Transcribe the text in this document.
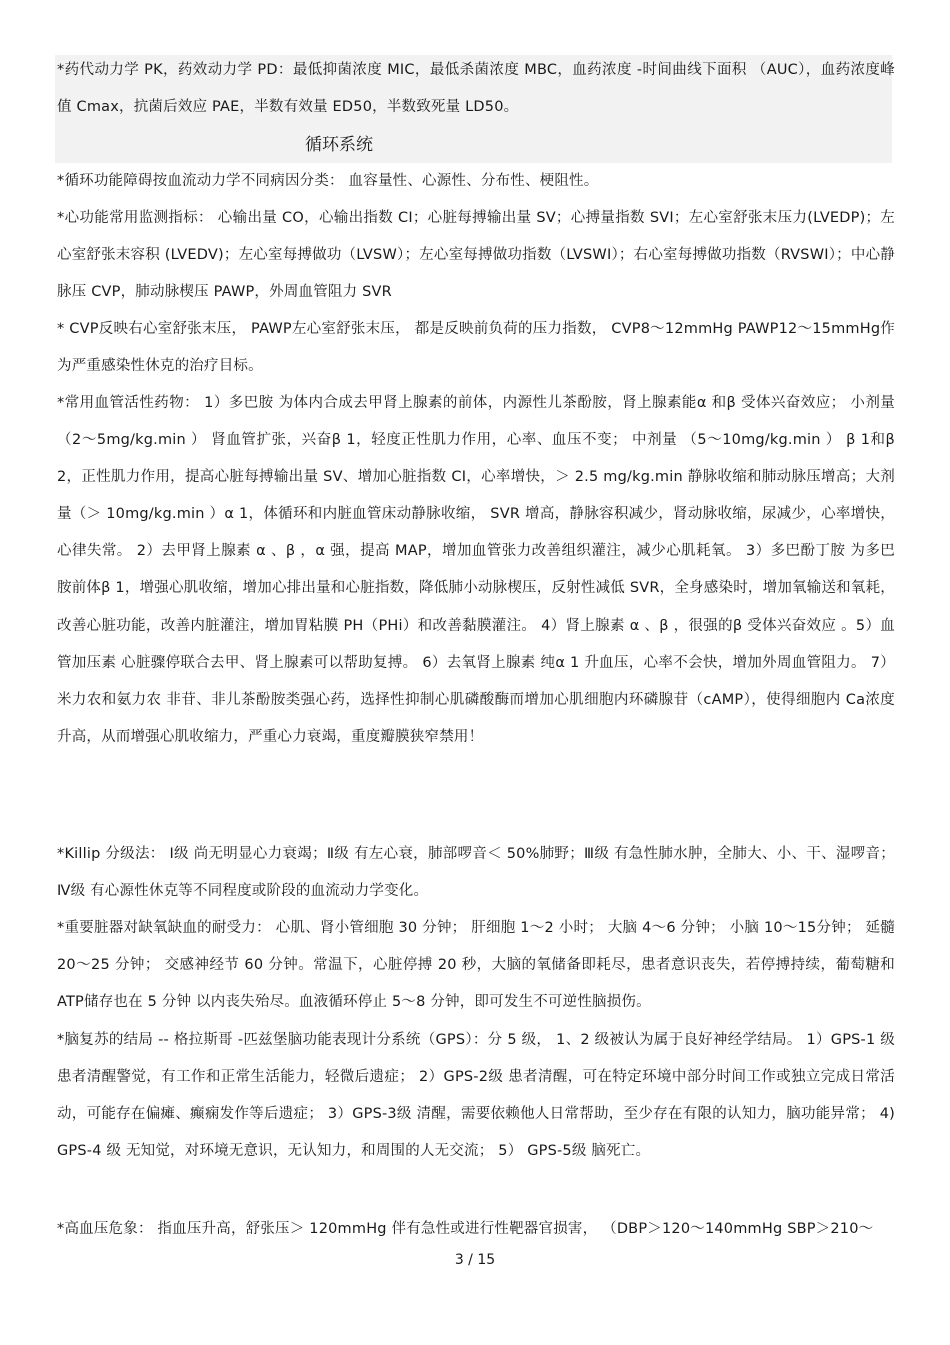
*药代动力学 PK，药效动力学 PD：最低抑菌浓度 MIC，最低杀菌浓度 MBC，血药浓度 -时间曲线下面积 （AUC），血药浓度峰值 Cmax，抗菌后效应 PAE，半数有效量 ED50，半数致死量 LD50。

循环系统

*循环功能障碍按血流动力学不同病因分类： 血容量性、心源性、分布性、梗阻性。

*心功能常用监测指标： 心输出量 CO，心输出指数 CI；心脏每搏输出量 SV；心搏量指数 SVI；左心室舒张末压力(LVEDP)；左心室舒张末容积 (LVEDV)；左心室每搏做功（LVSW）；左心室每搏做功指数（LVSWI）；右心室每搏做功指数（RVSWI）；中心静脉压 CVP，肺动脉楔压 PAWP，外周血管阻力 SVR

* CVP反映右心室舒张末压， PAWP左心室舒张末压， 都是反映前负荷的压力指数， CVP8～12mmHg PAWP12～15mmHg作为严重感染性休克的治疗目标。

*常用血管活性药物： 1）多巴胺 为体内合成去甲肾上腺素的前体，内源性儿茶酚胺，肾上腺素能α 和β 受体兴奋效应； 小剂量 （2～5mg/kg.min ） 肾血管扩张，兴奋β 1，轻度正性肌力作用，心率、血压不变； 中剂量 （5～10mg/kg.min ） β 1和β 2，正性肌力作用，提高心脏每搏输出量 SV、增加心脏指数 CI，心率增快，＞ 2.5 mg/kg.min 静脉收缩和肺动脉压增高；大剂量（＞ 10mg/kg.min ）α 1，体循环和内脏血管床动静脉收缩， SVR 增高，静脉容积减少，肾动脉收缩，尿减少，心率增快，心律失常。 2）去甲肾上腺素 α 、β ，α 强，提高 MAP，增加血管张力改善组织灌注，减少心肌耗氧。 3）多巴酚丁胺 为多巴胺前体β 1，增强心肌收缩，增加心排出量和心脏指数，降低肺小动脉楔压，反射性减低 SVR，全身感染时，增加氧输送和氧耗，改善心脏功能，改善内脏灌注，增加胃粘膜 PH（PHi）和改善黏膜灌注。 4）肾上腺素 α 、β ，很强的β 受体兴奋效应 。5）血管加压素 心脏骤停联合去甲、肾上腺素可以帮助复搏。 6）去氧肾上腺素 纯α 1 升血压，心率不会快，增加外周血管阻力。 7）米力农和氨力农 非苷、非儿茶酚胺类强心药，选择性抑制心肌磷酸酶而增加心肌细胞内环磷腺苷（cAMP），使得细胞内 Ca浓度升高，从而增强心肌收缩力，严重心力衰竭，重度瓣膜狭窄禁用！

*Killip 分级法： Ⅰ级 尚无明显心力衰竭；Ⅱ级 有左心衰，肺部啰音＜ 50%肺野；Ⅲ级 有急性肺水肿，全肺大、小、干、湿啰音；Ⅳ级 有心源性休克等不同程度或阶段的血流动力学变化。

*重要脏器对缺氧缺血的耐受力： 心肌、肾小管细胞 30 分钟； 肝细胞 1～2 小时； 大脑 4～6 分钟； 小脑 10～15分钟； 延髓 20～25 分钟； 交感神经节 60 分钟。常温下，心脏停搏 20 秒，大脑的氧储备即耗尽，患者意识丧失，若停搏持续，葡萄糖和 ATP储存也在 5 分钟 以内丧失殆尽。血液循环停止 5～8 分钟，即可发生不可逆性脑损伤。

*脑复苏的结局 -- 格拉斯哥 -匹兹堡脑功能表现计分系统（GPS）：分 5 级， 1、2 级被认为属于良好神经学结局。 1）GPS-1 级 患者清醒警觉，有工作和正常生活能力，轻微后遗症； 2）GPS-2级 患者清醒，可在特定环境中部分时间工作或独立完成日常活动，可能存在偏瘫、癫痫发作等后遗症； 3）GPS-3级 清醒，需要依赖他人日常帮助，至少存在有限的认知力，脑功能异常； 4) GPS-4 级 无知觉，对环境无意识，无认知力，和周围的人无交流； 5） GPS-5级 脑死亡。

*高血压危象： 指血压升高，舒张压＞ 120mmHg 伴有急性或进行性靶器官损害， （DBP＞120～140mmHg SBP＞210～

3 / 15
